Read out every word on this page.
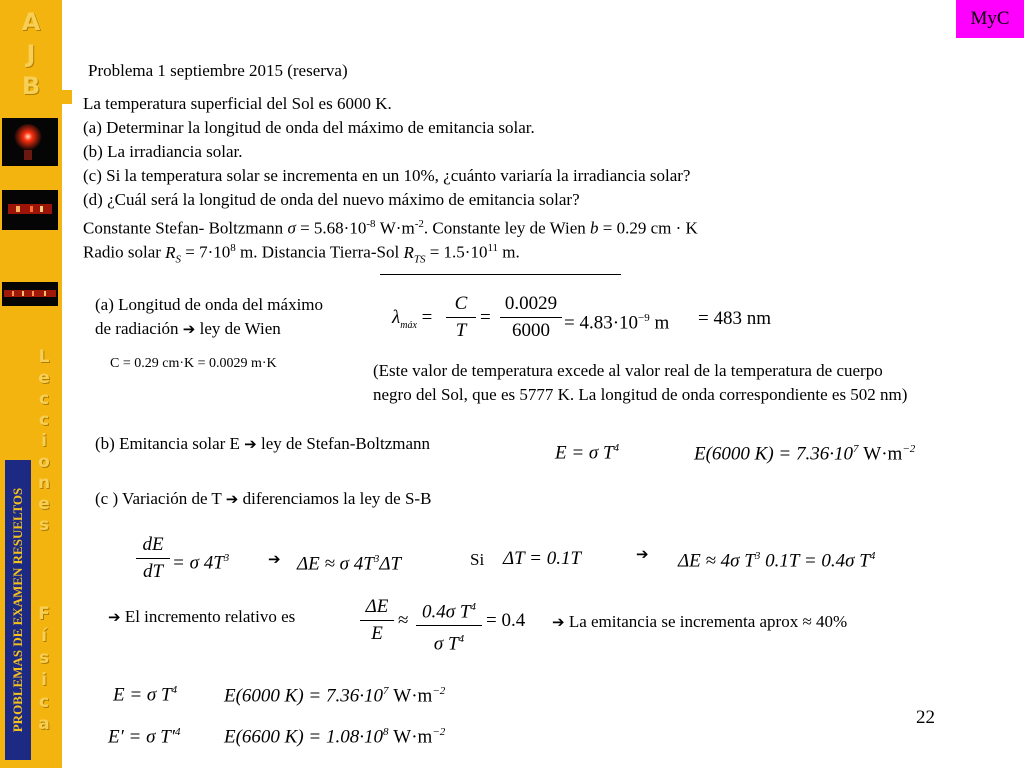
A
J
B
L
e
c
c
i
o
n
e
s
F
í
s
i
c
a
PROBLEMAS DE EXAMEN RESUELTOS
MyC
Problema 1 septiembre 2015 (reserva)
La temperatura superficial del Sol es 6000 K.
(a) Determinar la longitud de onda del máximo de emitancia solar.
(b) La irradiancia solar.
(c) Si la temperatura solar se incrementa en un 10%, ¿cuánto variaría la irradiancia solar?
(d) ¿Cuál será la longitud de onda del nuevo máximo de emitancia solar?
Constante Stefan- Boltzmann $\sigma = 5.68\cdot 10^{-8}$ $W\cdot m^{-2}$. Constante ley de Wien b = 0.29 cm · K
Radio solar $R_S = 7\cdot 10^8$ m. Distancia Tierra-Sol $R_{TS} = 1.5\cdot 10^{11}$ m.
(a) Longitud de onda del máximo
de radiación ➔ ley de Wien
C = 0.29 cm·K = 0.0029 m·K
$\lambda_{máx} = \frac{C}{T} = \frac{0.0029}{6000} = 4.83\cdot 10^{-9}$ m = 483 nm
(Este valor de temperatura excede al valor real de la temperatura de cuerpo
negro del Sol, que es 5777 K. La longitud de onda correspondiente es 502 nm)
(b) Emitancia solar E ➔ ley de Stefan-Boltzmann	E = σ $T^4$	E(6000 $K) = 7.36\cdot 10^7$ $W\cdot m^{-2}$
(c ) Variación de T ➔ diferenciamos la ley de S-B
$\frac{dE}{dT} = \sigma$ $4T^3$	➔ ΔE ≈ σ $4T^3\Delta T$	Si ΔT = 0.1T	➔ ΔE ≈ 4σ $T^3$ 0.1T = 0.4σ $T^4$
➔ El incremento relativo es	$\frac{\Delta E}{E} \approx \frac{0.4\sigma T^4}{\sigma T^4} = 0.4$ ➔ La emitancia se incrementa aprox ≈ 40%
E = σ $T^4$ E(6000 $K) = 7.36\cdot 10^7$ $W\cdot m^{-2}$
E′ = σ $T'^4$ E(6600 $K) = 1.08\cdot 10^8$ $W\cdot m^{-2}$
22
